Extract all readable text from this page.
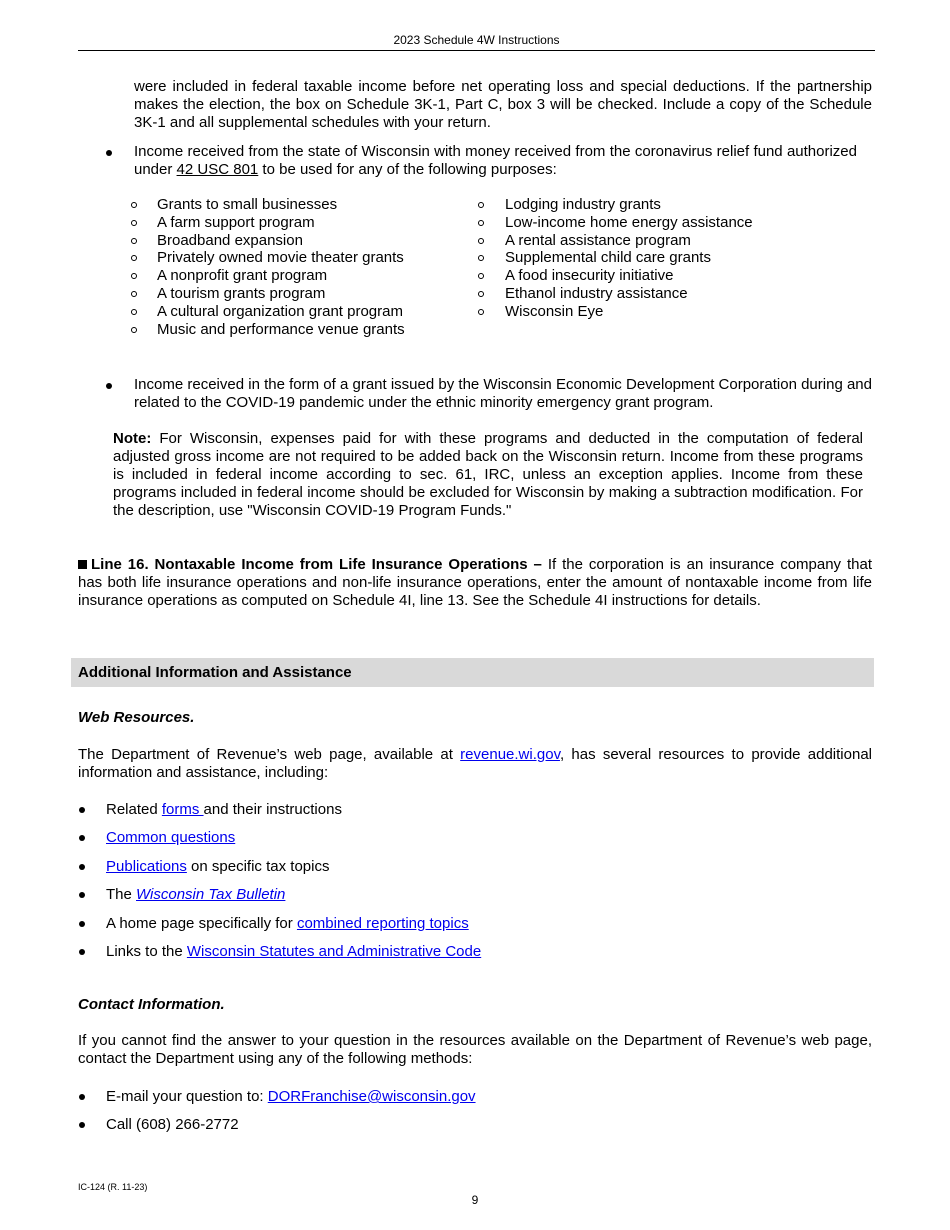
2023 Schedule 4W Instructions
were included in federal taxable income before net operating loss and special deductions. If the partnership makes the election, the box on Schedule 3K-1, Part C, box 3 will be checked. Include a copy of the Schedule 3K-1 and all supplemental schedules with your return.
Income received from the state of Wisconsin with money received from the coronavirus relief fund authorized under 42 USC 801 to be used for any of the following purposes:
Grants to small businesses
A farm support program
Broadband expansion
Privately owned movie theater grants
A nonprofit grant program
A tourism grants program
A cultural organization grant program
Music and performance venue grants
Lodging industry grants
Low-income home energy assistance
A rental assistance program
Supplemental child care grants
A food insecurity initiative
Ethanol industry assistance
Wisconsin Eye
Income received in the form of a grant issued by the Wisconsin Economic Development Corporation during and related to the COVID-19 pandemic under the ethnic minority emergency grant program.
Note: For Wisconsin, expenses paid for with these programs and deducted in the computation of federal adjusted gross income are not required to be added back on the Wisconsin return. Income from these programs is included in federal income according to sec. 61, IRC, unless an exception applies. Income from these programs included in federal income should be excluded for Wisconsin by making a subtraction modification. For the description, use "Wisconsin COVID-19 Program Funds."
Line 16. Nontaxable Income from Life Insurance Operations – If the corporation is an insurance company that has both life insurance operations and non-life insurance operations, enter the amount of nontaxable income from life insurance operations as computed on Schedule 4I, line 13. See the Schedule 4I instructions for details.
Additional Information and Assistance
Web Resources.
The Department of Revenue’s web page, available at revenue.wi.gov, has several resources to provide additional information and assistance, including:
Related forms and their instructions
Common questions
Publications on specific tax topics
The Wisconsin Tax Bulletin
A home page specifically for combined reporting topics
Links to the Wisconsin Statutes and Administrative Code
Contact Information.
If you cannot find the answer to your question in the resources available on the Department of Revenue’s web page, contact the Department using any of the following methods:
E-mail your question to: DORFranchise@wisconsin.gov
Call (608) 266-2772
IC-124 (R. 11-23)
9
